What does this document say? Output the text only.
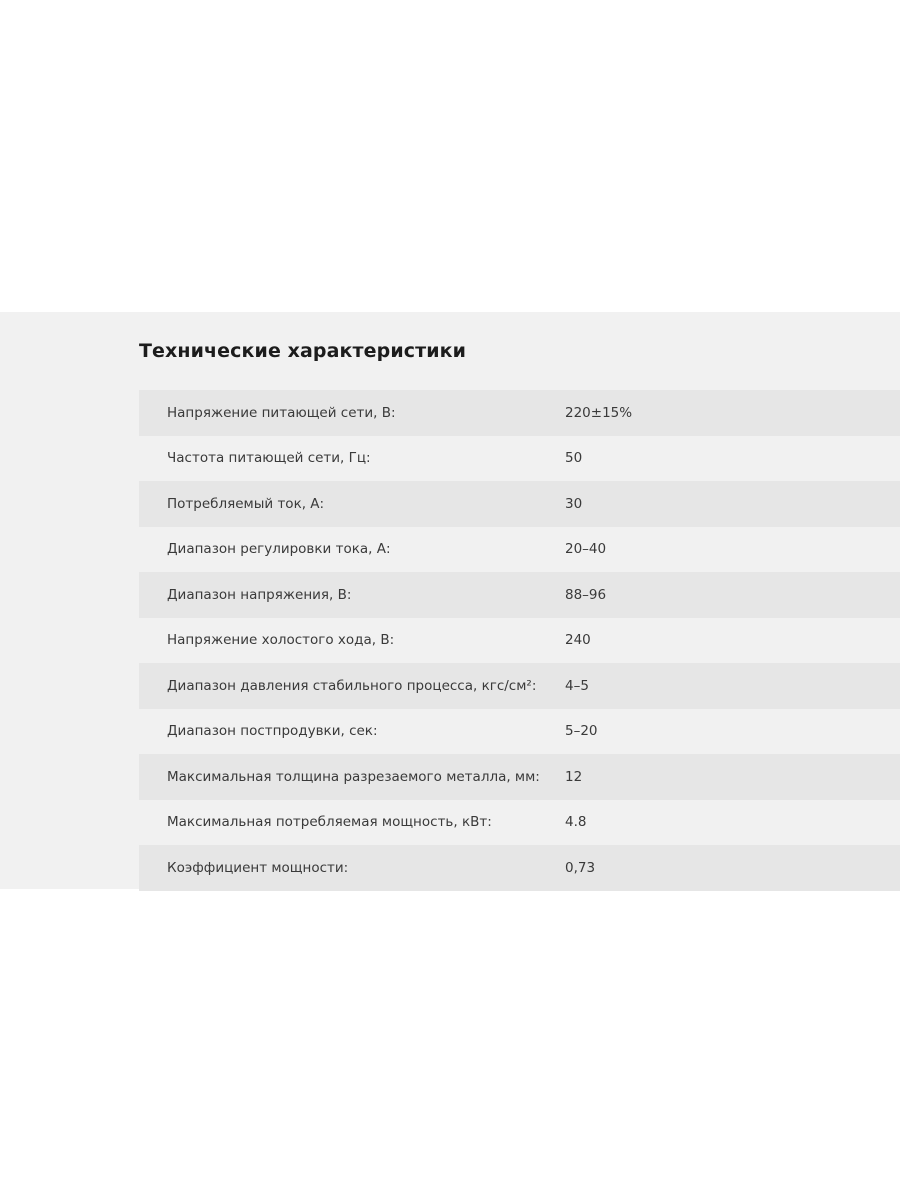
Технические характеристики
Напряжение питающей сети, В:	220±15%
Частота питающей сети, Гц:	50
Потребляемый ток, А:	30
Диапазон регулировки тока, А:	20–40
Диапазон напряжения, В:	88–96
Напряжение холостого хода, В:	240
Диапазон давления стабильного процесса, кгс/см²:	4–5
Диапазон постпродувки, сек:	5–20
Максимальная толщина разрезаемого металла, мм:	12
Максимальная потребляемая мощность, кВт:	4.8
Коэффициент мощности:	0,73
